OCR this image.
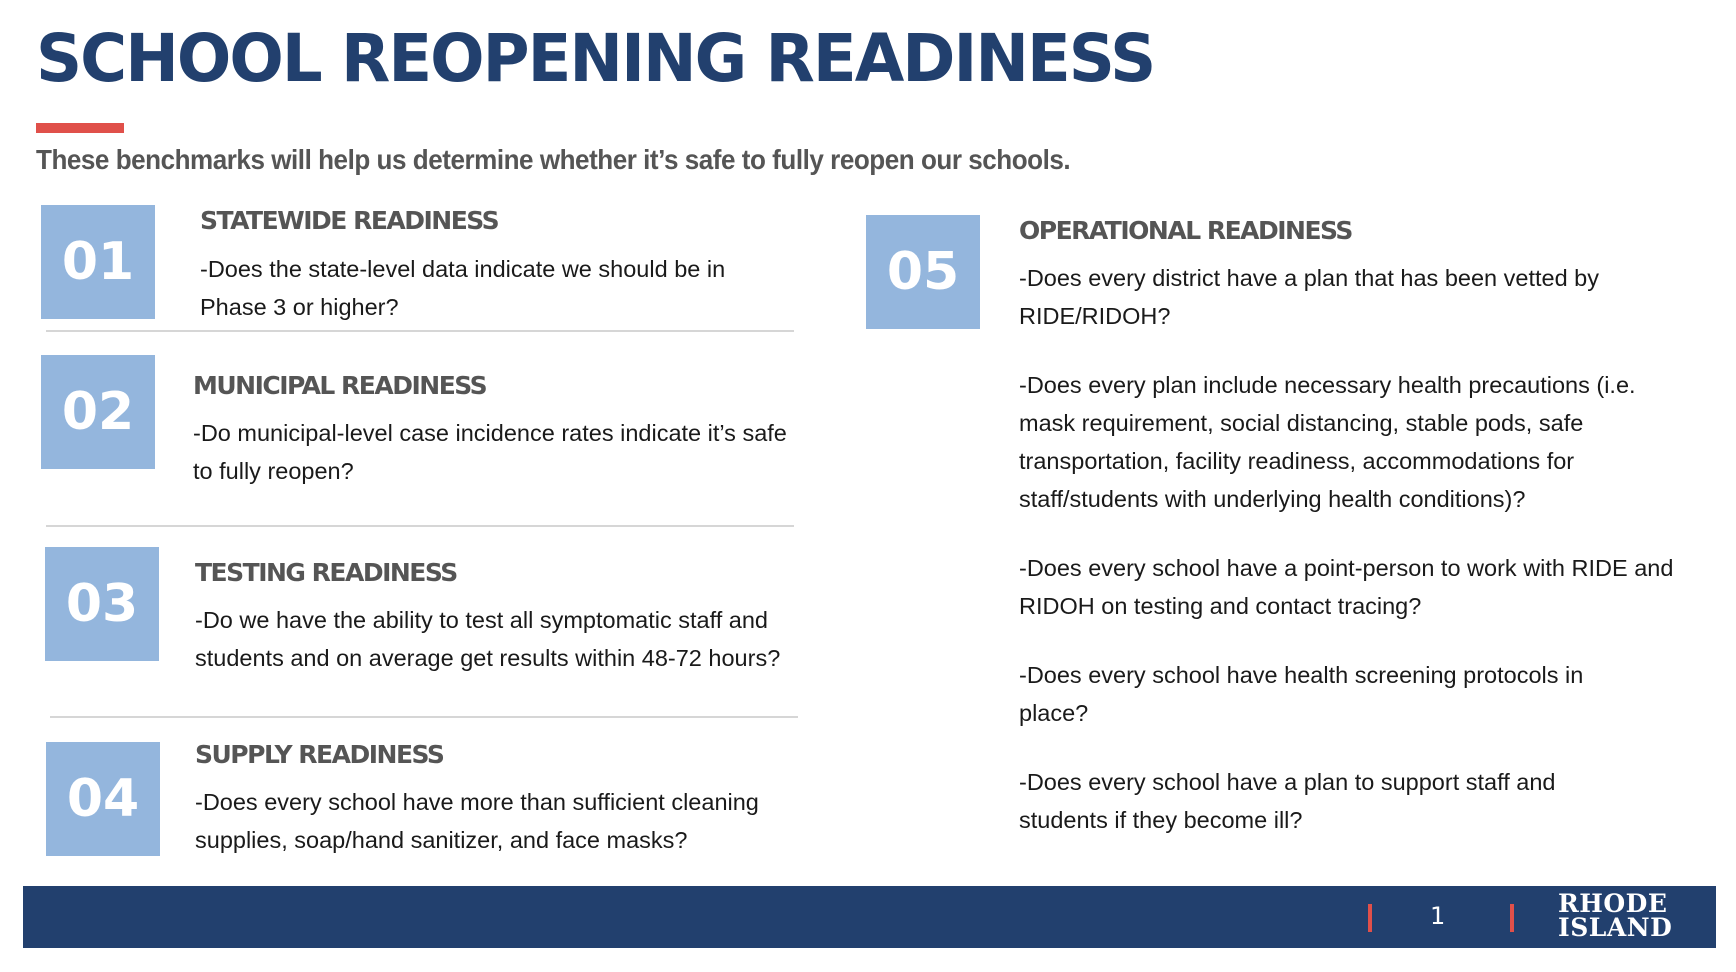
SCHOOL REOPENING READINESS

These benchmarks will help us determine whether it’s safe to fully reopen our schools.

01
STATEWIDE READINESS

-Does the state-level data indicate we should be in Phase 3 or higher?

02	MUNICIPAL READINESS

-Do municipal-level case incidence rates indicate it’s safe to fully reopen?

03
TESTING READINESS

-Do we have the ability to test all symptomatic staff and students and on average get results within 48-72 hours?

04
SUPPLY READINESS

-Does every school have more than sufficient cleaning supplies, soap/hand sanitizer, and face masks?

05
OPERATIONAL READINESS

-Does every district have a plan that has been vetted by RIDE/RIDOH?

-Does every plan include necessary health precautions (i.e. mask requirement, social distancing, stable pods, safe transportation, facility readiness, accommodations for staff/students with underlying health conditions)?

-Does every school have a point-person to work with RIDE and RIDOH on testing and contact tracing?

-Does every school have health screening protocols in place?

-Does every school have a plan to support staff and students if they become ill?

1	RHODE
ISLAND
